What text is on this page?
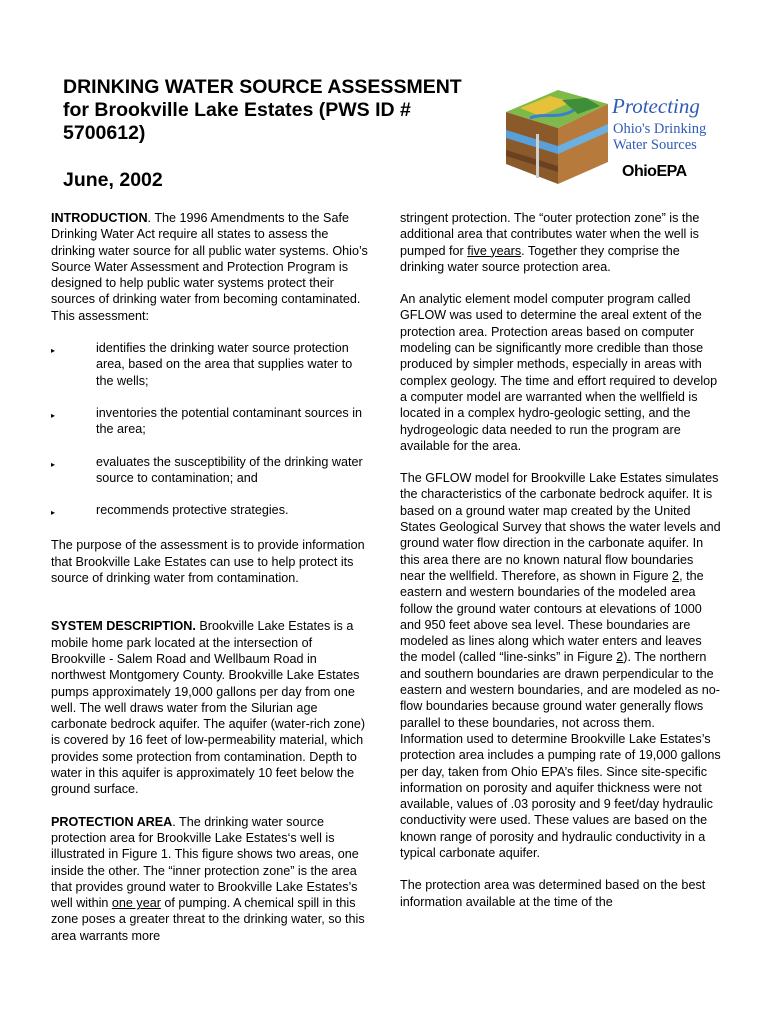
DRINKING WATER SOURCE ASSESSMENT
for Brookville Lake Estates (PWS ID #
5700612)
June, 2002
Protecting
Ohio's Drinking
Water Sources
OhioEPA

INTRODUCTION. The 1996 Amendments to the Safe Drinking Water Act require all states to assess the drinking water source for all public water systems. Ohio’s Source Water Assessment and Protection Program is designed to help public water systems protect their sources of drinking water from becoming contaminated. This assessment:

▸	identifies the drinking water source protection area, based on the area that supplies water to the wells;
▸	inventories the potential contaminant sources in the area;
▸	evaluates the susceptibility of the drinking water source to contamination; and
▸	recommends protective strategies.

The purpose of the assessment is to provide information that Brookville Lake Estates can use to help protect its source of drinking water from contamination.

SYSTEM DESCRIPTION. Brookville Lake Estates is a mobile home park located at the intersection of Brookville - Salem Road and Wellbaum Road in northwest Montgomery County. Brookville Lake Estates pumps approximately 19,000 gallons per day from one well. The well draws water from the Silurian age carbonate bedrock aquifer. The aquifer (water-rich zone) is covered by 16 feet of low-permeability material, which provides some protection from contamination. Depth to water in this aquifer is approximately 10 feet below the ground surface.

PROTECTION AREA. The drinking water source protection area for Brookville Lake Estates‘s well is illustrated in Figure 1. This figure shows two areas, one inside the other. The “inner protection zone” is the area that provides ground water to Brookville Lake Estates’s well within one year of pumping. A chemical spill in this zone poses a greater threat to the drinking water, so this area warrants more

stringent protection. The “outer protection zone” is the additional area that contributes water when the well is pumped for five years. Together they comprise the drinking water source protection area.

An analytic element model computer program called GFLOW was used to determine the areal extent of the protection area. Protection areas based on computer modeling can be significantly more credible than those produced by simpler methods, especially in areas with complex geology. The time and effort required to develop a computer model are warranted when the wellfield is located in a complex hydro-geologic setting, and the hydrogeologic data needed to run the program are available for the area.

The GFLOW model for Brookville Lake Estates simulates the characteristics of the carbonate bedrock aquifer. It is based on a ground water map created by the United States Geological Survey that shows the water levels and ground water flow direction in the carbonate aquifer. In this area there are no known natural flow boundaries near the wellfield. Therefore, as shown in Figure 2, the eastern and western boundaries of the modeled area follow the ground water contours at elevations of 1000 and 950 feet above sea level. These boundaries are modeled as lines along which water enters and leaves the model (called “line-sinks” in Figure 2). The northern and southern boundaries are drawn perpendicular to the eastern and western boundaries, and are modeled as no-flow boundaries because ground water generally flows parallel to these boundaries, not across them.

Information used to determine Brookville Lake Estates’s protection area includes a pumping rate of 19,000 gallons per day, taken from Ohio EPA’s files. Since site-specific information on porosity and aquifer thickness were not available, values of .03 porosity and 9 feet/day hydraulic conductivity were used. These values are based on the known range of porosity and hydraulic conductivity in a typical carbonate aquifer.

The protection area was determined based on the best information available at the time of the
